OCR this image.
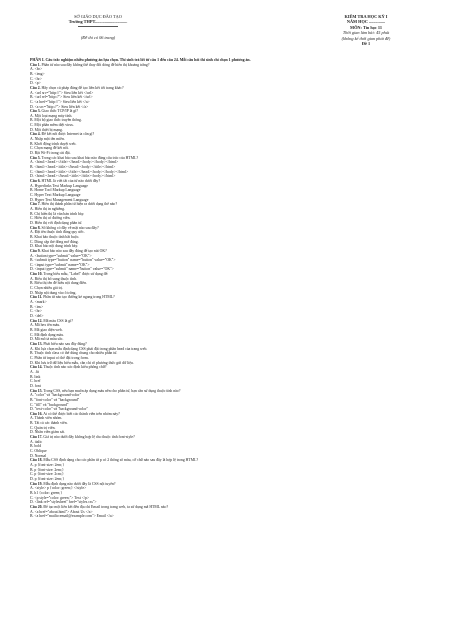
SỞ GIÁO DỤC ĐÀO TẠO
Trường THPT..............................
(Đề thi có 06 trang)
KIỂM TRA HỌC KỲ I
NĂM HỌC ...............
MÔN: Tin học 11
Thời gian làm bài: 45 phút
(không kể thời gian phát đề)
Đề 1
PHẦN I. Câu trắc nghiệm nhiều phương án lựa chọn. Thí sinh trả lời từ câu 1 đến câu 24. Mỗi câu hỏi thí sinh chỉ chọn 1 phương án.
Câu 1. Phần tử nào sau đây không thể thay đổi dòng để hiển thị khoảng trắng?
A. <br>
B. <img>
C. <hr>
D. <p>
Câu 2. Hãy chọn cú pháp đúng để tạo liên kết tới trang khác?
A. <url src="http://"> Sieu liên kết </url>
B. <url rel="http://"> Sieu liên kết </url>
C. <a href="http://"> Sieu liên kết </a>
D. <a src="http://"> Sieu liên kết </a>
Câu 3. Giao thức TCP/IP là gì?
A. Một loại mạng máy tính.
B. Một bộ giao thức truyền thông.
C. Một phần mềm diệt virus.
D. Một thiết bị mạng.
Câu 4. Để kết nối được Internet ta cần gì?
A. Nhập một tên miền.
B. Khởi động trình duyệt web.
C. Chọn mạng để kết nối.
D. Bật Wi-Fi trong cài đặt.
Câu 5. Trong các khai báo sau khai báo nào đúng cấu trúc của HTML?
A. <html><head></title></head><body></body></html>
B. <html><head><title></head><body></title></html>
C. <html><head><title></title></head><body></body></html>
D. <html><head></head><title></title><body></html>
Câu 6. HTML là viết tắt của từ nào dưới đây?
A. Hyperlinks Text Markup Language
B. Home Tool Markup Language
C. Hyper Text Markup Language
D. Hyper Text Management Language
Câu 7. Hiển thị thành phần tử hiện ra dưới dạng thế nào?
A. Hiển thị in nghiêng.
B. Chỉ hiển thị là văn bản trình bày.
C. Hiển thị có đường viền.
D. Hiển thị với định dạng phần tử.
Câu 8. Số không có đầy về mặt nào sau đây?
A. Đặt tên thuộc tính đúng quy ước.
B. Khai báo thuộc tính bắt buộc.
C. Dùng cặp thẻ đóng mở đúng.
D. Khai báo nội dung trình bày.
Câu 9. Khai báo nào sau đây đúng để tạo nút OK?
A. <button type="submit" value="OK">
B. <submit type="button" name="button" value="OK">
C. <input type="submit" name="OK">
D. <input type="submit" name="button" value="OK">
Câu 10. Trong biểu mẫu, "Label" được sử dụng để:
A. Biểu thị bổ sung thuộc tính.
B. Biểu thị tên để hiểu nội dung điền.
C. Chọn nhiều giá trị.
D. Nhập nội dung vào ô trống.
Câu 11. Phần tử nào tạo đường kẻ ngang trong HTML?
A. <mark>
B. <ins>
C. <hr>
D. <del>
Câu 12. Mã màu CSS là gì?
A. Mã hex tên màu.
B. Mã giao diện web.
C. Mã định dạng màu.
D. Mã mô tả màu sắc.
Câu 13. Phát biểu nào sau đây đúng?
A. Khi lựa chọn mẫu định dạng CSS phải đặt trong phần head của trang web.
B. Thuộc tính class có thể dùng chung cho nhiều phần tử.
C. Phần tử input có thể đặt trong form.
D. Khi lưu trữ dữ liệu biểu mẫu, cần chỉ rõ phương thức gửi dữ liệu.
Câu 14. Thuộc tính nào xác định kiểu phông chữ?
A. .fit
B. link
C. href
D. font
Câu 15. Trong CSS, nếu bạn muốn áp dụng màu nền cho phần tử, bạn cần sử dụng thuộc tính nào?
A. "color" và "background-color"
B. "font-color" và "background"
C. "fill" và "background"
D. "text-color" và "background-color"
Câu 16. Ai có thể được biết các thành viên trên nhóm này?
A. Thành viên nhóm.
B. Tất cả các thành viên.
C. Quản trị viên.
D. Nhân viên giám sát.
Câu 17. Giá trị nào dưới đây không hợp lệ cho thuộc tính font-style?
A. italic
B. bold
C. Oblique
D. Normal
Câu 18. Mẫu CSS định dạng cho các phần tử p có 2 thông số màu, cỡ chữ nào sau đây là hợp lệ trong HTML?
A. p {font-size: 2em;}
B. p {font-size: 2em;}
C. p {font-size: 2cm;}
D. p {font-size: 2em;}
Câu 19. Mẫu định dạng nào dưới đây là CSS nội tuyến?
A. <style> p {color: green;} </style>
B. h1 {color: green;}
C. <p style="color: green;"> Text </p>
D. <link rel="stylesheet" href="styles.css">
Câu 20. Để tạo một liên kết đến địa chỉ Email trong trang web, ta sử dụng mã HTML nào?
A. <a href="about.html"> About Us </a>
B. <a href="mailto:email@example.com"> Email </a>
